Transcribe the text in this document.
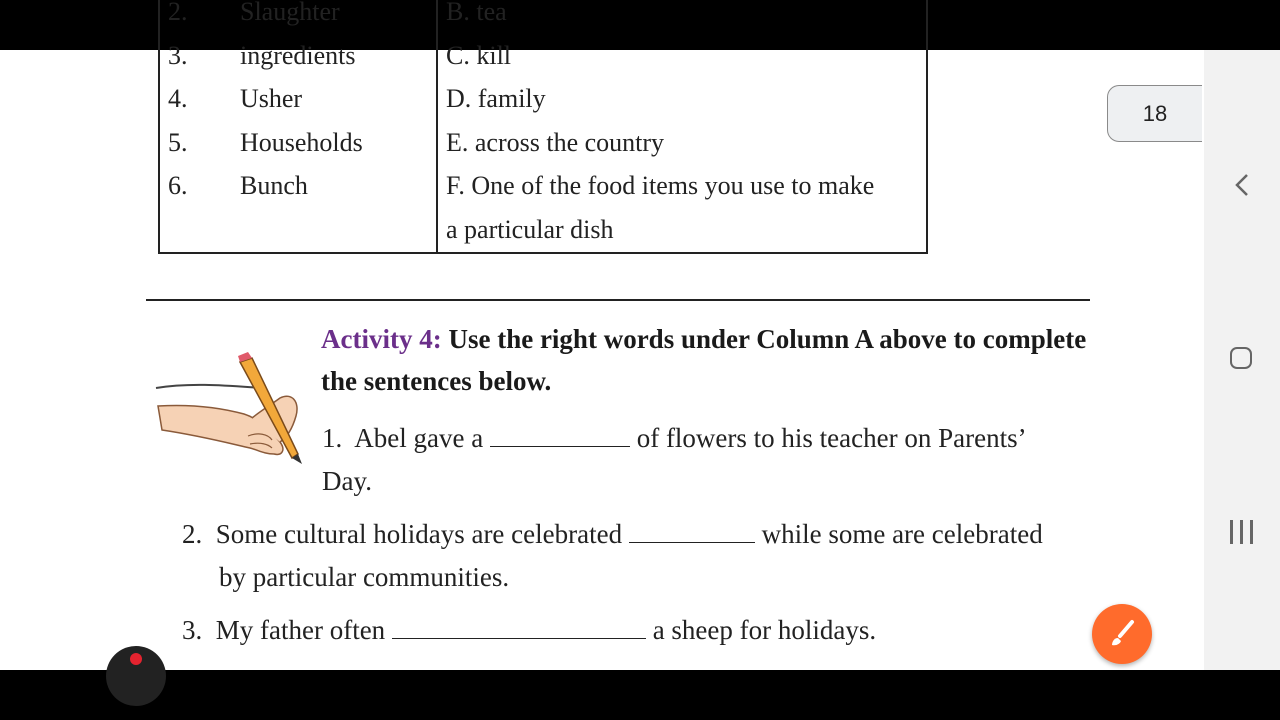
2. Slaughter	B. tea
3. ingredients	C. kill
4. Usher	D. family
5. Households	E. across the country
6. Bunch	F. One of the food items you use to make
	a particular dish
Activity 4: Use the right words under Column A above to complete the sentences below.
1. Abel gave a	of flowers to his teacher on Parents’
Day.
2. Some cultural holidays are celebrated	while some are celebrated
by particular communities.
3. My father often	a sheep for holidays.
18
